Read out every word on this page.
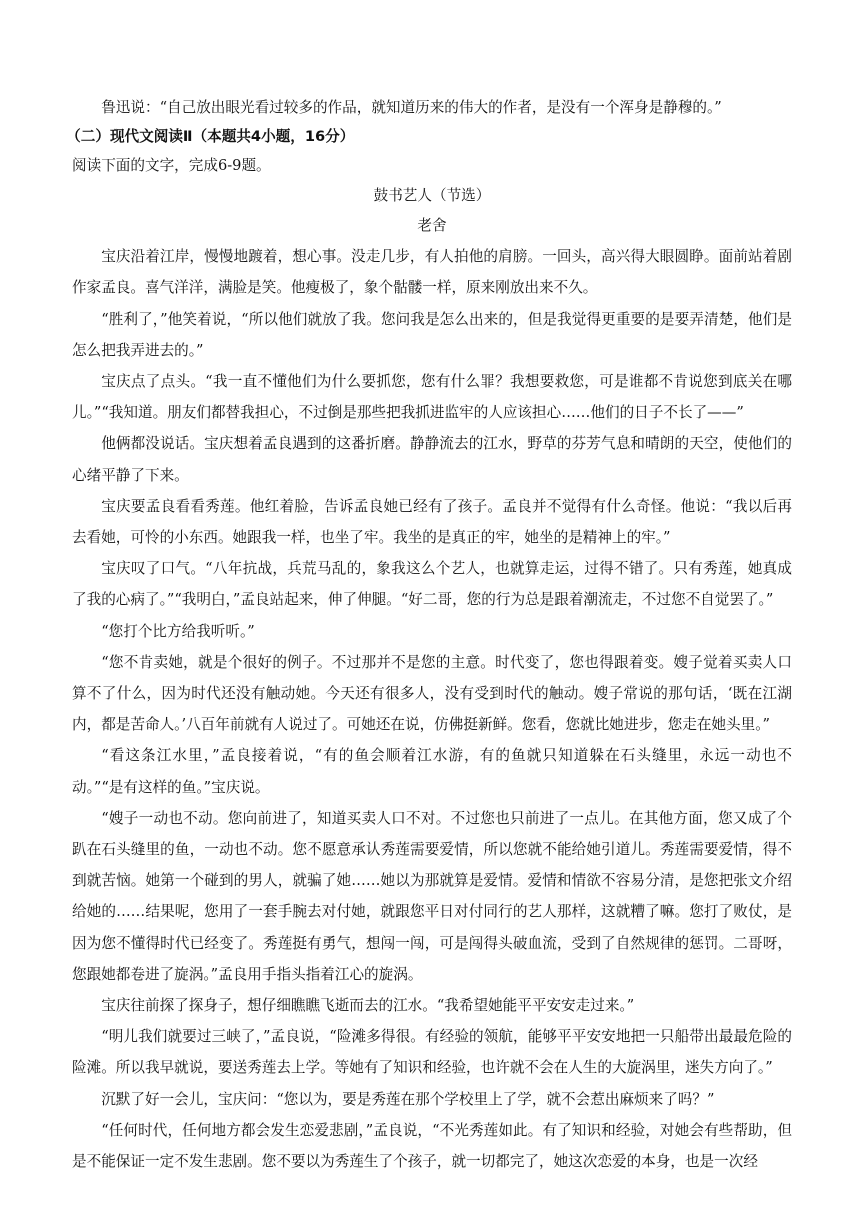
鲁迅说：“自己放出眼光看过较多的作品，就知道历来的伟大的作者，是没有一个浑身是静穆的。”

（二）现代文阅读Ⅱ（本题共4小题，16分）

阅读下面的文字，完成6-9题。

鼓书艺人（节选）

老舍

宝庆沿着江岸，慢慢地踱着，想心事。没走几步，有人拍他的肩膀。一回头，高兴得大眼圆睁。面前站着剧作家孟良。喜气洋洋，满脸是笑。他瘦极了，象个骷髅一样，原来刚放出来不久。

“胜利了，”他笑着说，“所以他们就放了我。您问我是怎么出来的，但是我觉得更重要的是要弄清楚，他们是怎么把我弄进去的。”

宝庆点了点头。“我一直不懂他们为什么要抓您，您有什么罪？我想要救您，可是谁都不肯说您到底关在哪儿。”“我知道。朋友们都替我担心，不过倒是那些把我抓进监牢的人应该担心……他们的日子不长了——”

他俩都没说话。宝庆想着孟良遇到的这番折磨。静静流去的江水，野草的芬芳气息和晴朗的天空，使他们的心绪平静了下来。

宝庆要孟良看看秀莲。他红着脸，告诉孟良她已经有了孩子。孟良并不觉得有什么奇怪。他说：“我以后再去看她，可怜的小东西。她跟我一样，也坐了牢。我坐的是真正的牢，她坐的是精神上的牢。”

宝庆叹了口气。“八年抗战，兵荒马乱的，象我这么个艺人，也就算走运，过得不错了。只有秀莲，她真成了我的心病了。”“我明白，”孟良站起来，伸了伸腿。“好二哥，您的行为总是跟着潮流走，不过您不自觉罢了。”

“您打个比方给我听听。”

“您不肯卖她，就是个很好的例子。不过那并不是您的主意。时代变了，您也得跟着变。嫂子觉着买卖人口算不了什么，因为时代还没有触动她。今天还有很多人，没有受到时代的触动。嫂子常说的那句话，‘既在江湖内，都是苦命人。’八百年前就有人说过了。可她还在说，仿佛挺新鲜。您看，您就比她进步，您走在她头里。”

“看这条江水里，”孟良接着说，“有的鱼会顺着江水游，有的鱼就只知道躲在石头缝里，永远一动也不动。”“是有这样的鱼。”宝庆说。

“嫂子一动也不动。您向前进了，知道买卖人口不对。不过您也只前进了一点儿。在其他方面，您又成了个趴在石头缝里的鱼，一动也不动。您不愿意承认秀莲需要爱情，所以您就不能给她引道儿。秀莲需要爱情，得不到就苦恼。她第一个碰到的男人，就骗了她……她以为那就算是爱情。爱情和情欲不容易分清，是您把张文介绍给她的……结果呢，您用了一套手腕去对付她，就跟您平日对付同行的艺人那样，这就糟了嘛。您打了败仗，是因为您不懂得时代已经变了。秀莲挺有勇气，想闯一闯，可是闯得头破血流，受到了自然规律的惩罚。二哥呀，您跟她都卷进了旋涡。”孟良用手指头指着江心的旋涡。

宝庆往前探了探身子，想仔细瞧瞧飞逝而去的江水。“我希望她能平平安安走过来。”

“明儿我们就要过三峡了，”孟良说，“险滩多得很。有经验的领航，能够平平安安地把一只船带出最最危险的险滩。所以我早就说，要送秀莲去上学。等她有了知识和经验，也许就不会在人生的大旋涡里，迷失方向了。”

沉默了好一会儿，宝庆问：“您以为，要是秀莲在那个学校里上了学，就不会惹出麻烦来了吗？”

“任何时代，任何地方都会发生恋爱悲剧，”孟良说，“不光秀莲如此。有了知识和经验，对她会有些帮助，但是不能保证一定不发生悲剧。您不要以为秀莲生了个孩子，就一切都完了，她这次恋爱的本身，也是一次经
